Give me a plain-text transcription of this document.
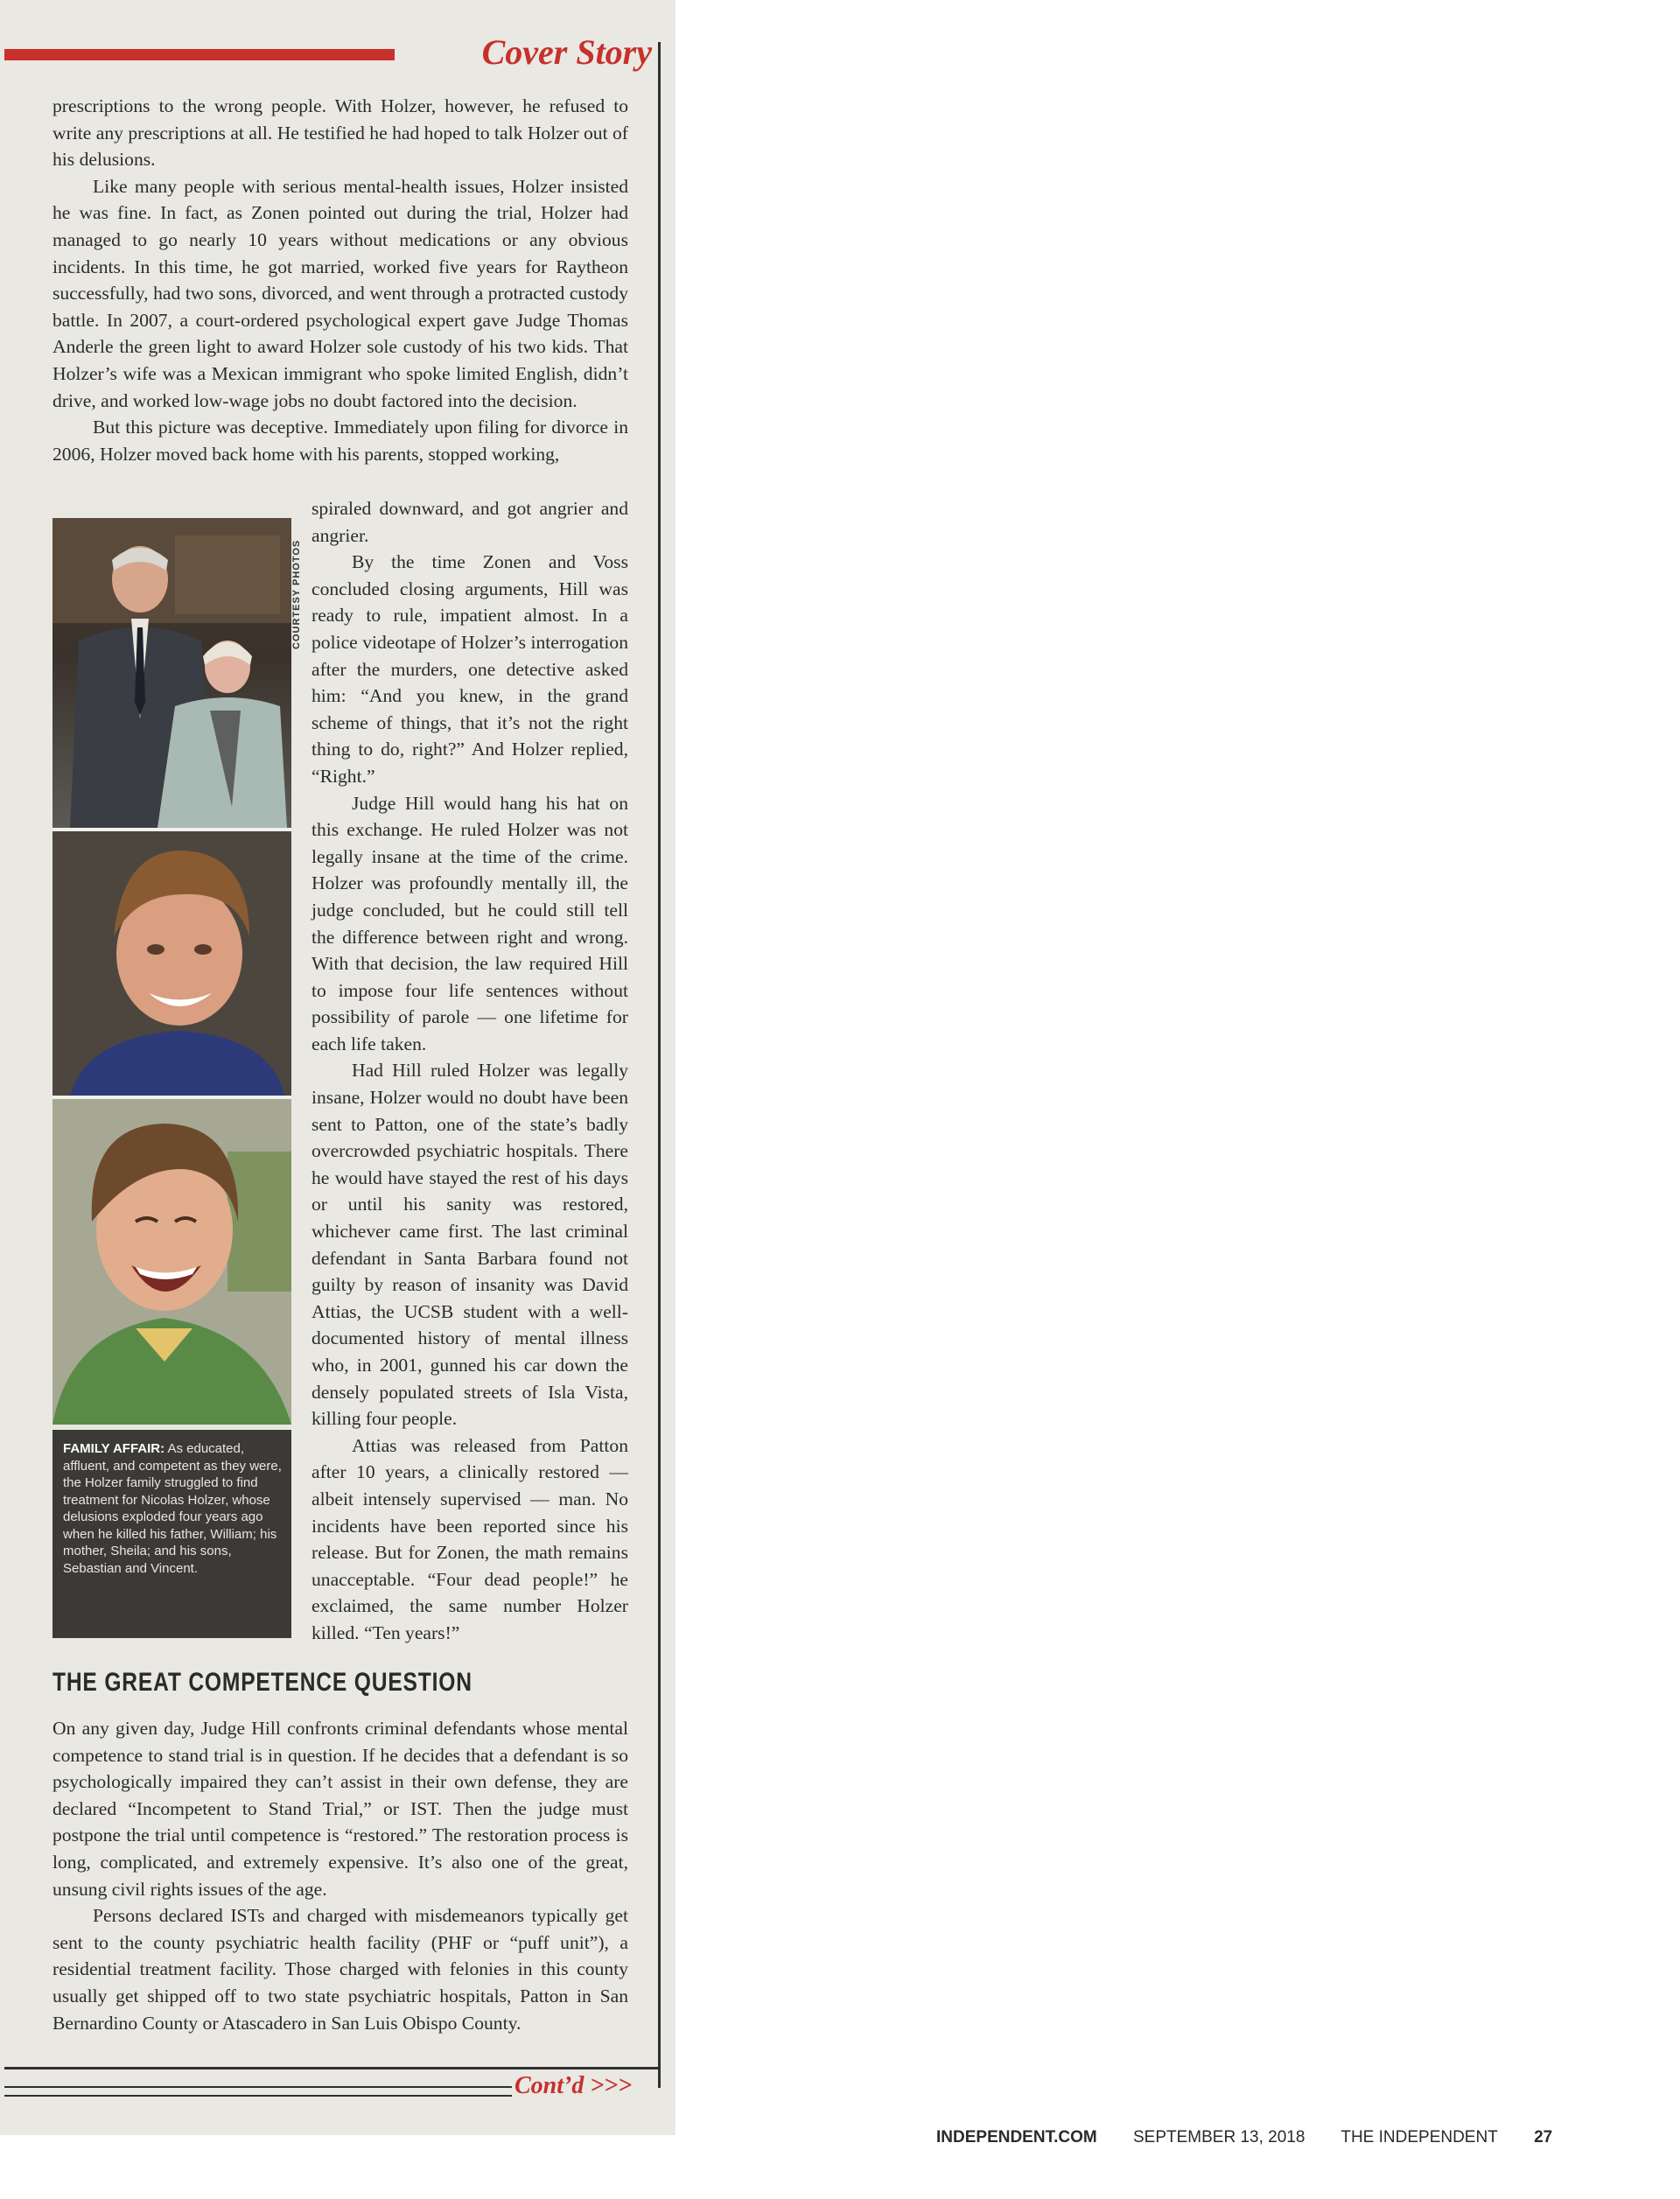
Cover Story

prescriptions to the wrong people. With Holzer, however, he refused to write any prescriptions at all. He testified he had hoped to talk Holzer out of his delusions.

Like many people with serious mental-health issues, Holzer insisted he was fine. In fact, as Zonen pointed out during the trial, Holzer had managed to go nearly 10 years without medications or any obvious incidents. In this time, he got married, worked five years for Raytheon successfully, had two sons, divorced, and went through a protracted custody battle. In 2007, a court-ordered psychological expert gave Judge Thomas Anderle the green light to award Holzer sole custody of his two kids. That Holzer’s wife was a Mexican immigrant who spoke limited English, didn’t drive, and worked low-wage jobs no doubt factored into the decision.

But this picture was deceptive. Immediately upon filing for divorce in 2006, Holzer moved back home with his parents, stopped working,

COURTESY PHOTOS
FAMILY AFFAIR: As educated, affluent, and competent as they were, the Holzer family struggled to find treatment for Nicolas Holzer, whose delusions exploded four years ago when he killed his father, William; his mother, Sheila; and his sons, Sebastian and Vincent.

spiraled downward, and got angrier and angrier.

By the time Zonen and Voss concluded closing arguments, Hill was ready to rule, impatient almost. In a police videotape of Holzer’s interrogation after the murders, one detective asked him: “And you knew, in the grand scheme of things, that it’s not the right thing to do, right?” And Holzer replied, “Right.”

Judge Hill would hang his hat on this exchange. He ruled Holzer was not legally insane at the time of the crime. Holzer was profoundly mentally ill, the judge concluded, but he could still tell the difference between right and wrong. With that decision, the law required Hill to impose four life sentences without possibility of parole — one lifetime for each life taken.

Had Hill ruled Holzer was legally insane, Holzer would no doubt have been sent to Patton, one of the state’s badly overcrowded psychiatric hospitals. There he would have stayed the rest of his days or until his sanity was restored, whichever came first. The last criminal defendant in Santa Barbara found not guilty by reason of insanity was David Attias, the UCSB student with a well-documented history of mental illness who, in 2001, gunned his car down the densely populated streets of Isla Vista, killing four people.

Attias was released from Patton after 10 years, a clinically restored — albeit intensely supervised — man. No incidents have been reported since his release. But for Zonen, the math remains unacceptable. “Four dead people!” he exclaimed, the same number Holzer killed. “Ten years!”

THE GREAT COMPETENCE QUESTION

On any given day, Judge Hill confronts criminal defendants whose mental competence to stand trial is in question. If he decides that a defendant is so psychologically impaired they can’t assist in their own defense, they are declared “Incompetent to Stand Trial,” or IST. Then the judge must postpone the trial until competence is “restored.” The restoration process is long, complicated, and extremely expensive. It’s also one of the great, unsung civil rights issues of the age.

Persons declared ISTs and charged with misdemeanors typically get sent to the county psychiatric health facility (PHF or “puff unit”), a residential treatment facility. Those charged with felonies in this county usually get shipped off to two state psychiatric hospitals, Patton in San Bernardino County or Atascadero in San Luis Obispo County.

Cont’d >>>
INDEPENDENT.COM SEPTEMBER 13, 2018 THE INDEPENDENT 27
